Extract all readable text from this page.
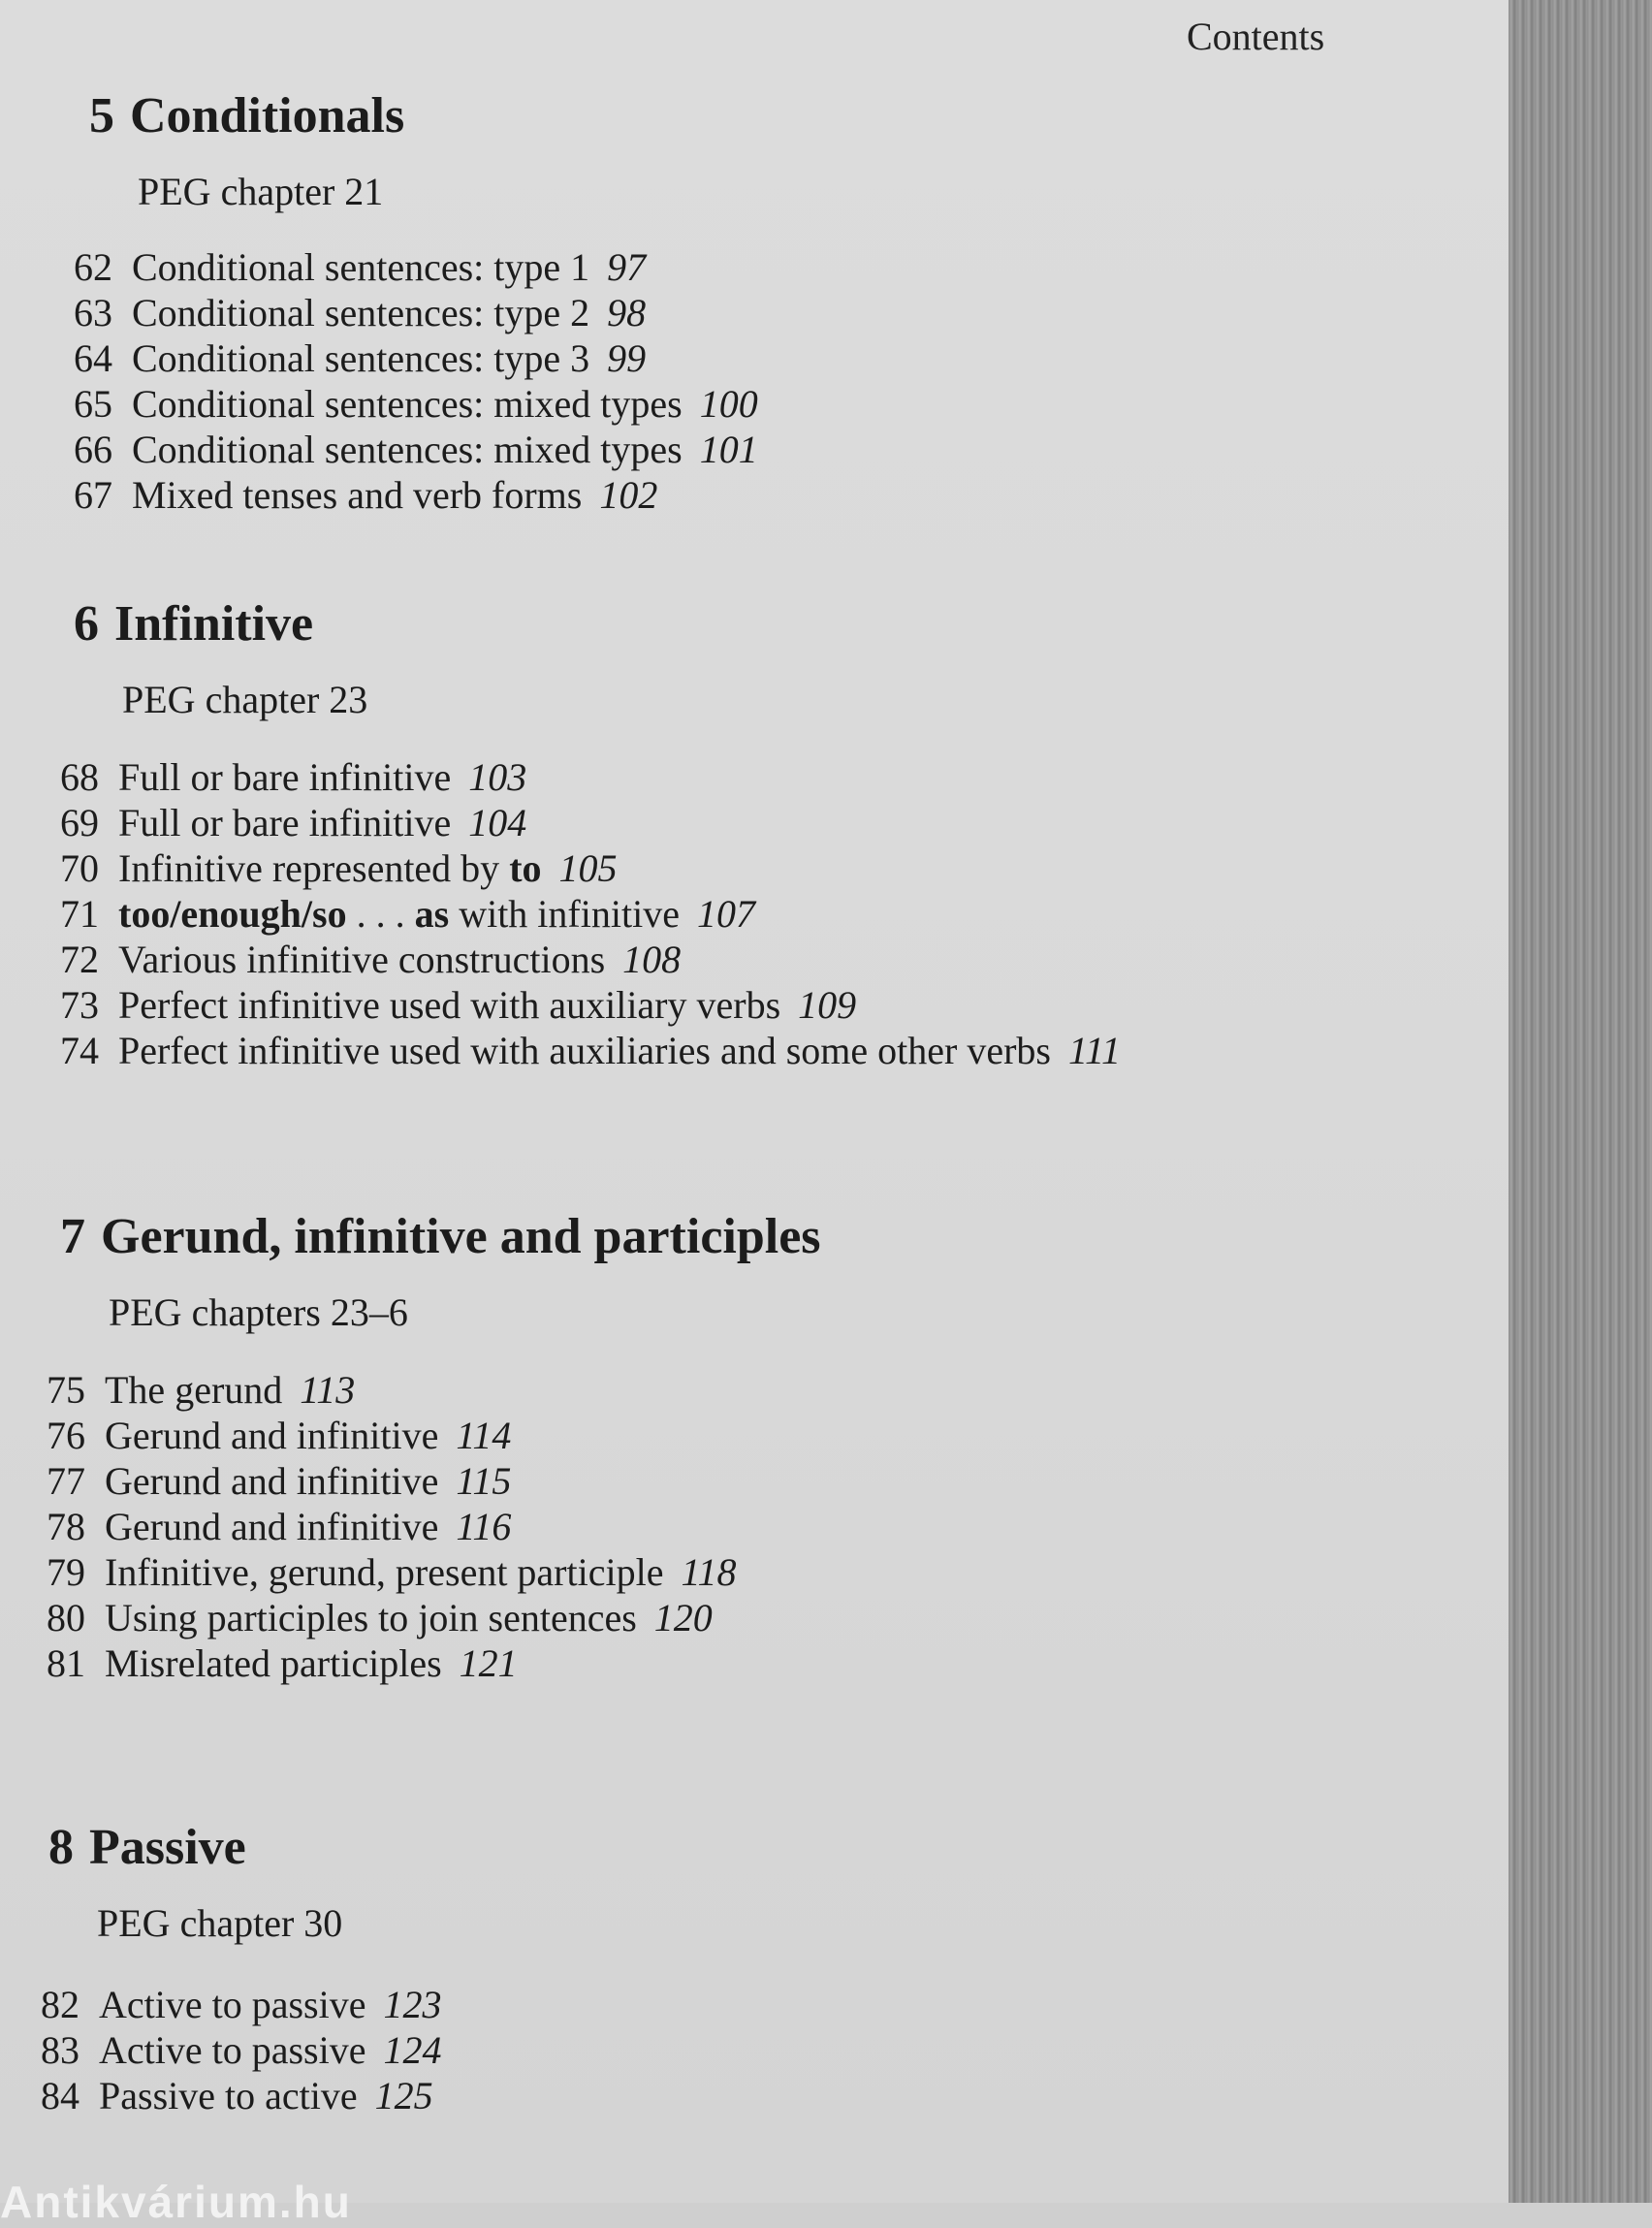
Contents
5 Conditionals
PEG chapter 21
62 Conditional sentences: type 1 97
63 Conditional sentences: type 2 98
64 Conditional sentences: type 3 99
65 Conditional sentences: mixed types 100
66 Conditional sentences: mixed types 101
67 Mixed tenses and verb forms 102
6 Infinitive
PEG chapter 23
68 Full or bare infinitive 103
69 Full or bare infinitive 104
70 Infinitive represented by to 105
71 too/enough/so . . . as with infinitive 107
72 Various infinitive constructions 108
73 Perfect infinitive used with auxiliary verbs 109
74 Perfect infinitive used with auxiliaries and some other verbs 111
7 Gerund, infinitive and participles
PEG chapters 23–6
75 The gerund 113
76 Gerund and infinitive 114
77 Gerund and infinitive 115
78 Gerund and infinitive 116
79 Infinitive, gerund, present participle 118
80 Using participles to join sentences 120
81 Misrelated participles 121
8 Passive
PEG chapter 30
82 Active to passive 123
83 Active to passive 124
84 Passive to active 125
Antikvárium.hu
